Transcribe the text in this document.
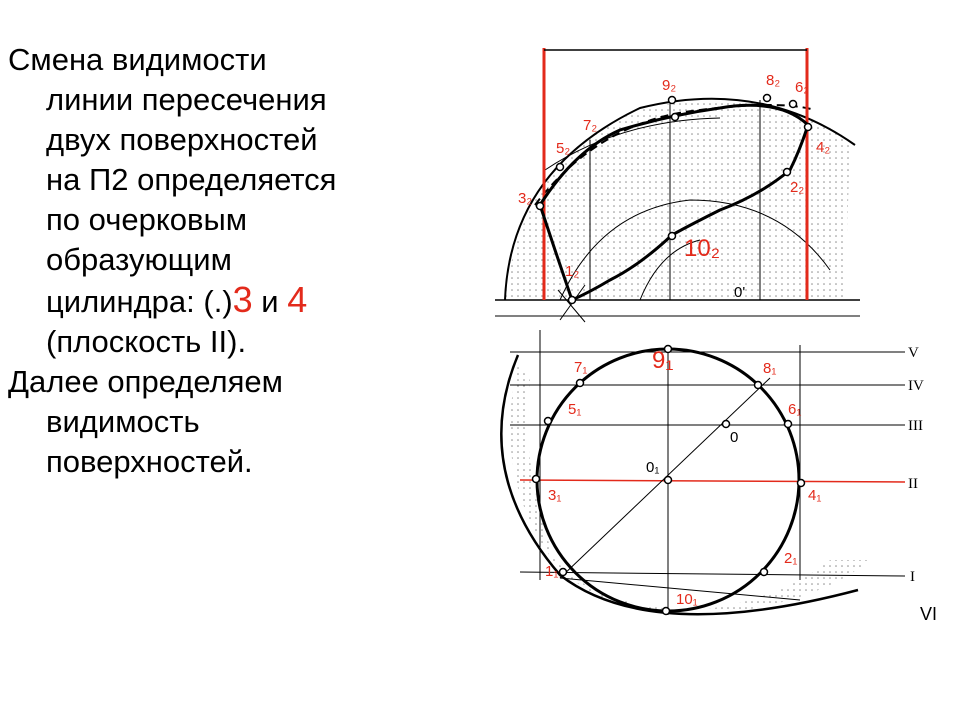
Смена видимости
линии пересечения
двух поверхностей
на П2 определяется
по очерковым
образующим
цилиндра: (.)3 и 4
(плоскость II).

Далее определяем
видимость
поверхностей.

9₂	8₂ 6₂
7₂
5₂	4₂
3₂
2₂
10₂
1₂
0'
9₁
7₁	8₁
5₁	6₁
0
0₁
3₁	4₁
2₁
1₁
10₁
V
IV
III
II
I
VI
